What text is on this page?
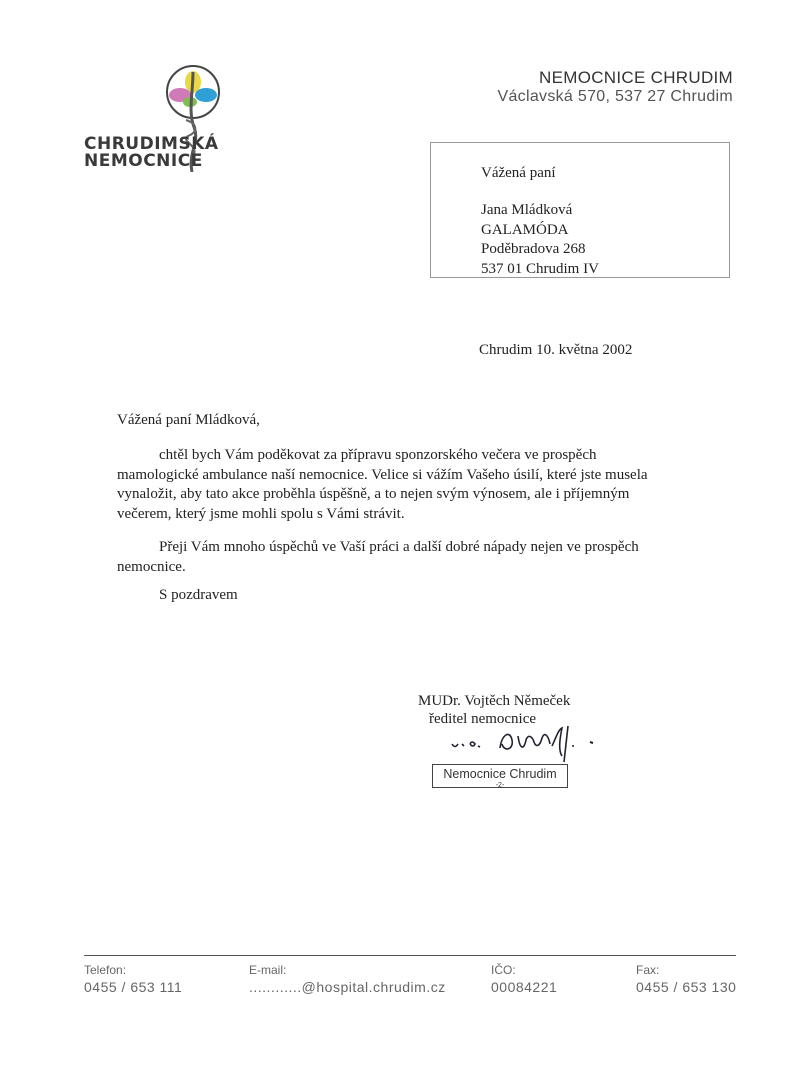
CHRUDIMSKÁ
NEMOCNICE
NEMOCNICE CHRUDIM
Václavská 570, 537 27 Chrudim
Vážená paní
Jana Mládková
GALAMÓDA
Poděbradova 268
537 01 Chrudim IV
Chrudim 10. května 2002
Vážená paní Mládková,
chtěl bych Vám poděkovat za přípravu sponzorského večera ve prospěch
mamologické ambulance naší nemocnice. Velice si vážím Vašeho úsilí, které jste musela
vynaložit, aby tato akce proběhla úspěšně, a to nejen svým výnosem, ale i příjemným
večerem, který jsme mohli spolu s Vámi strávit.
Přeji Vám mnoho úspěchů ve Vaší práci a další dobré nápady nejen ve prospěch
nemocnice.
S pozdravem
MUDr. Vojtěch Němeček
ředitel nemocnice
Nemocnice Chrudim
-2-
Telefon:
0455 / 653 111
E-mail:
............@hospital.chrudim.cz
IČO:
00084221
Fax:
0455 / 653 130
